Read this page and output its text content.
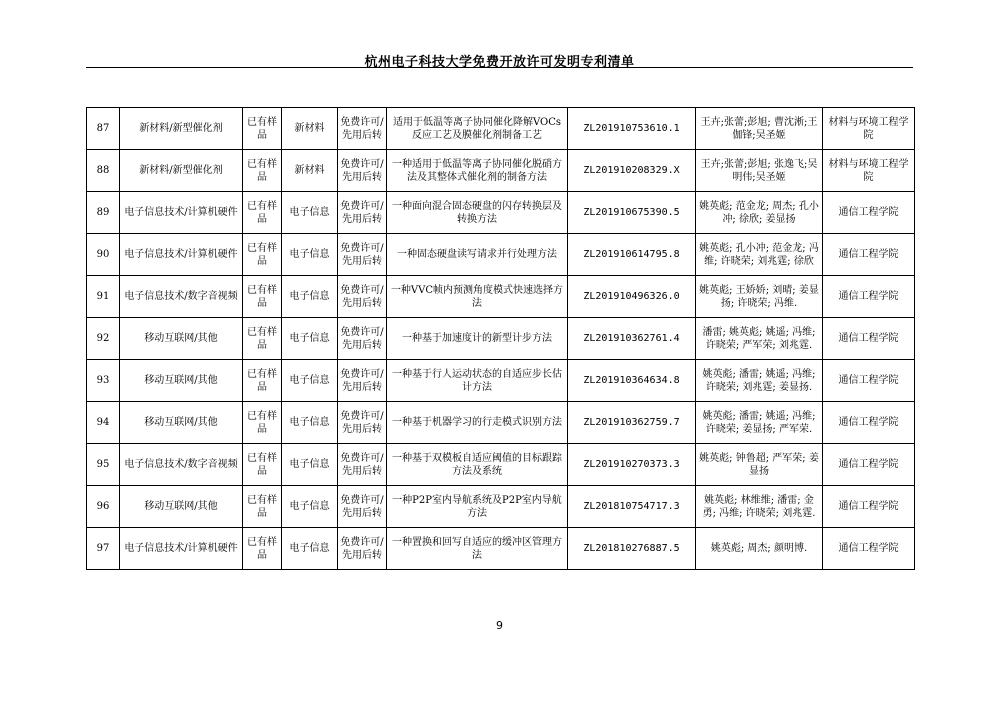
杭州电子科技大学免费开放许可发明专利清单
87	新材料/新型催化剂	已有样品	新材料	免费许可/先用后转	适用于低温等离子协同催化降解VOCs反应工艺及膜催化剂制备工艺	ZL201910753610.1	王卉;张蕾;彭旭; 曹沈淅;王伽锋;吴圣姬	材料与环境工程学院
88	新材料/新型催化剂	已有样品	新材料	免费许可/先用后转	一种适用于低温等离子协同催化脱硝方法及其整体式催化剂的制备方法	ZL201910208329.X	王卉;张蕾;彭旭; 张逸飞;吴明伟;吴圣姬	材料与环境工程学院
89	电子信息技术/计算机硬件	已有样品	电子信息	免费许可/先用后转	一种面向混合固态硬盘的闪存转换层及转换方法	ZL201910675390.5	姚英彪; 范金龙; 周杰; 孔小冲; 徐欣; 姜显扬	通信工程学院
90	电子信息技术/计算机硬件	已有样品	电子信息	免费许可/先用后转	一种固态硬盘读写请求并行处理方法	ZL201910614795.8	姚英彪; 孔小冲; 范金龙; 冯维; 许晓荣; 刘兆霆; 徐欣	通信工程学院
91	电子信息技术/数字音视频	已有样品	电子信息	免费许可/先用后转	一种VVC帧内预测角度模式快速选择方法	ZL201910496326.0	姚英彪; 王娇娇; 刘晴; 姜显扬; 许晓荣; 冯维.	通信工程学院
92	移动互联网/其他	已有样品	电子信息	免费许可/先用后转	一种基于加速度计的新型计步方法	ZL201910362761.4	潘雷; 姚英彪; 姚遥; 冯维; 许晓荣; 严军荣; 刘兆霆.	通信工程学院
93	移动互联网/其他	已有样品	电子信息	免费许可/先用后转	一种基于行人运动状态的自适应步长估计方法	ZL201910364634.8	姚英彪; 潘雷; 姚遥; 冯维; 许晓荣; 刘兆霆; 姜显扬.	通信工程学院
94	移动互联网/其他	已有样品	电子信息	免费许可/先用后转	一种基于机器学习的行走模式识别方法	ZL201910362759.7	姚英彪; 潘雷; 姚遥; 冯维; 许晓荣; 姜显扬; 严军荣.	通信工程学院
95	电子信息技术/数字音视频	已有样品	电子信息	免费许可/先用后转	一种基于双模板自适应阈值的目标跟踪方法及系统	ZL201910270373.3	姚英彪; 钟鲁超; 严军荣; 姜显扬	通信工程学院
96	移动互联网/其他	已有样品	电子信息	免费许可/先用后转	一种P2P室内导航系统及P2P室内导航方法	ZL201810754717.3	姚英彪; 林维维; 潘雷; 金勇; 冯维; 许晓荣; 刘兆霆.	通信工程学院
97	电子信息技术/计算机硬件	已有样品	电子信息	免费许可/先用后转	一种置换和回写自适应的缓冲区管理方法	ZL201810276887.5	姚英彪; 周杰; 颜明博.	通信工程学院
9
